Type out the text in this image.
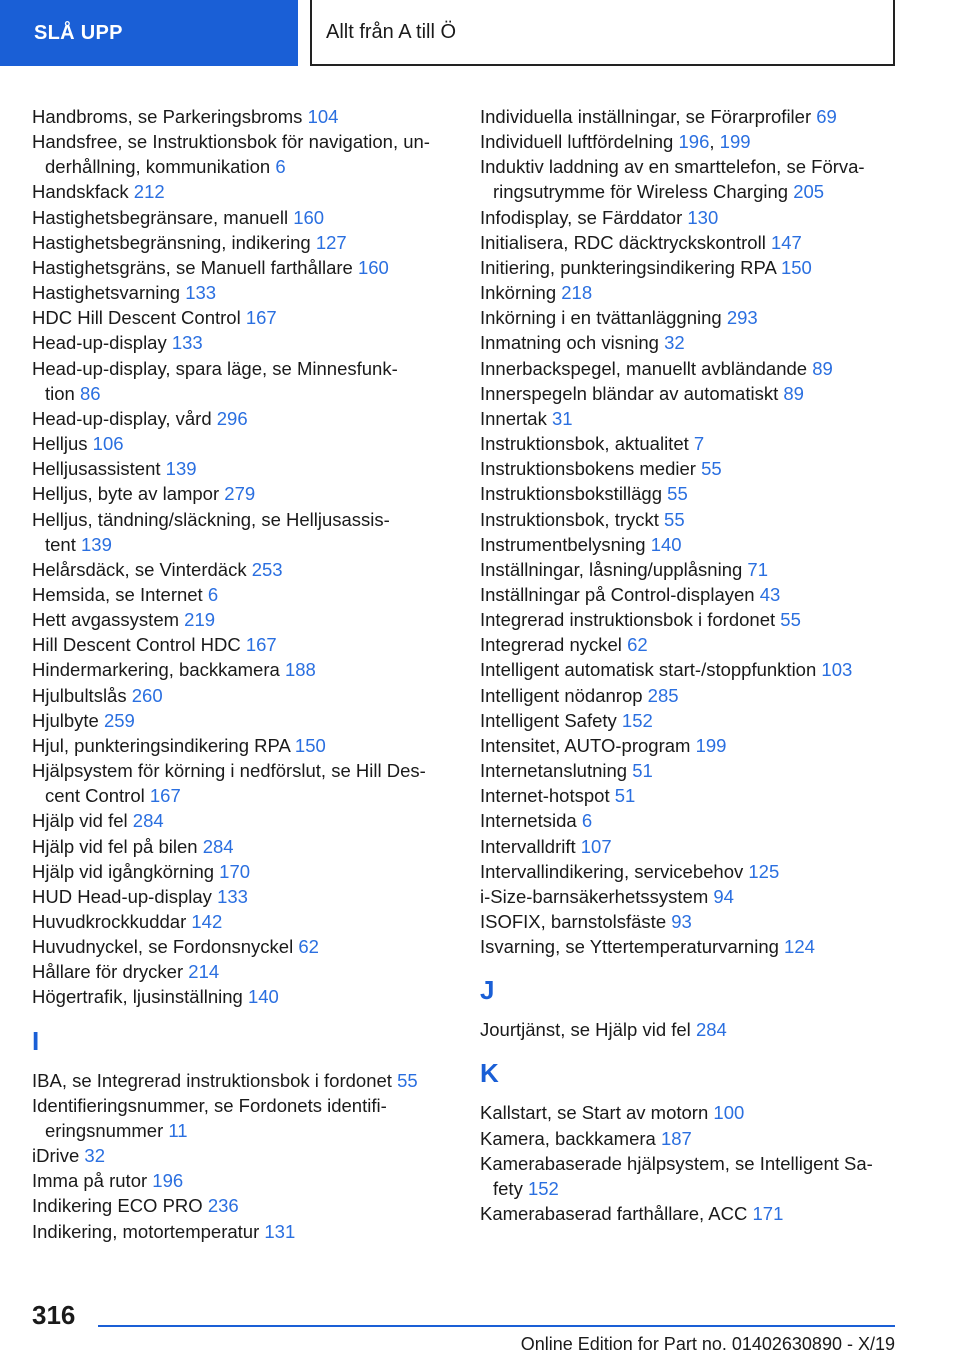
SLÅ UPP	Allt från A till Ö
Handbroms, se Parkeringsbroms 104
Handsfree, se Instruktionsbok för navigation, un-
derhållning, kommunikation 6
Handskfack 212
Hastighetsbegränsare, manuell 160
Hastighetsbegränsning, indikering 127
Hastighetsgräns, se Manuell farthållare 160
Hastighetsvarning 133
HDC Hill Descent Control 167
Head-up-display 133
Head-up-display, spara läge, se Minnesfunk-
tion 86
Head-up-display, vård 296
Helljus 106
Helljusassistent 139
Helljus, byte av lampor 279
Helljus, tändning/släckning, se Helljusassis-
tent 139
Helårsdäck, se Vinterdäck 253
Hemsida, se Internet 6
Hett avgassystem 219
Hill Descent Control HDC 167
Hindermarkering, backkamera 188
Hjulbultslås 260
Hjulbyte 259
Hjul, punkteringsindikering RPA 150
Hjälpsystem för körning i nedförslut, se Hill Des-
cent Control 167
Hjälp vid fel 284
Hjälp vid fel på bilen 284
Hjälp vid igångkörning 170
HUD Head-up-display 133
Huvudkrockkuddar 142
Huvudnyckel, se Fordonsnyckel 62
Hållare för drycker 214
Högertrafik, ljusinställning 140
I
IBA, se Integrerad instruktionsbok i fordonet 55
Identifieringsnummer, se Fordonets identifi-
eringsnummer 11
iDrive 32
Imma på rutor 196
Indikering ECO PRO 236
Indikering, motortemperatur 131
Individuella inställningar, se Förarprofiler 69
Individuell luftfördelning 196, 199
Induktiv laddning av en smarttelefon, se Förva-
ringsutrymme för Wireless Charging 205
Infodisplay, se Färddator 130
Initialisera, RDC däcktryckskontroll 147
Initiering, punkteringsindikering RPA 150
Inkörning 218
Inkörning i en tvättanläggning 293
Inmatning och visning 32
Innerbackspegel, manuellt avbländande 89
Innerspegeln bländar av automatiskt 89
Innertak 31
Instruktionsbok, aktualitet 7
Instruktionsbokens medier 55
Instruktionsbokstillägg 55
Instruktionsbok, tryckt 55
Instrumentbelysning 140
Inställningar, låsning/upplåsning 71
Inställningar på Control-displayen 43
Integrerad instruktionsbok i fordonet 55
Integrerad nyckel 62
Intelligent automatisk start-/stoppfunktion 103
Intelligent nödanrop 285
Intelligent Safety 152
Intensitet, AUTO-program 199
Internetanslutning 51
Internet-hotspot 51
Internetsida 6
Intervalldrift 107
Intervallindikering, servicebehov 125
i-Size-barnsäkerhetssystem 94
ISOFIX, barnstolsfäste 93
Isvarning, se Yttertemperaturvarning 124
J
Jourtjänst, se Hjälp vid fel 284
K
Kallstart, se Start av motorn 100
Kamera, backkamera 187
Kamerabaserade hjälpsystem, se Intelligent Sa-
fety 152
Kamerabaserad farthållare, ACC 171
316
Online Edition for Part no. 01402630890 - X/19
